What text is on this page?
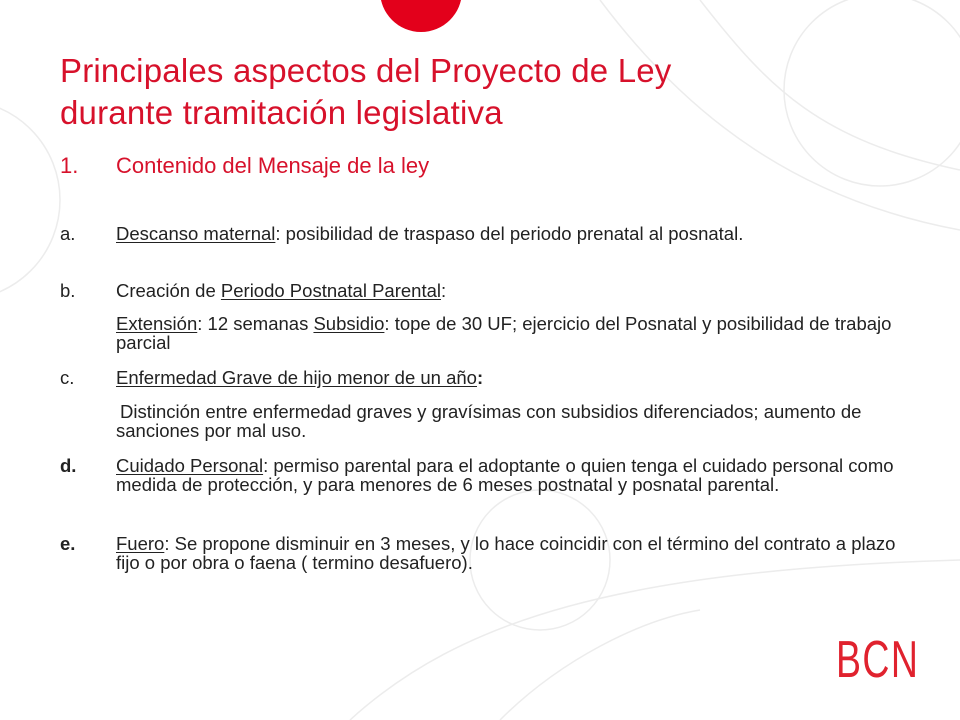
Principales aspectos del Proyecto de Ley
durante tramitación legislativa
1. Contenido del Mensaje de la ley
a. Descanso maternal: posibilidad de traspaso del periodo prenatal al posnatal.
b. Creación de Periodo Postnatal Parental:
Extensión: 12 semanas Subsidio: tope de 30 UF; ejercicio del Posnatal y posibilidad de trabajo parcial
c. Enfermedad Grave de hijo menor de un año:
Distinción entre enfermedad graves y gravísimas con subsidios diferenciados; aumento de sanciones por mal uso.
d. Cuidado Personal: permiso parental para el adoptante o quien tenga el cuidado personal como medida de protección, y para menores de 6 meses postnatal y posnatal parental.
e. Fuero: Se propone disminuir en 3 meses, y lo hace coincidir con el término del contrato a plazo fijo o por obra o faena ( termino desafuero).
BCN
